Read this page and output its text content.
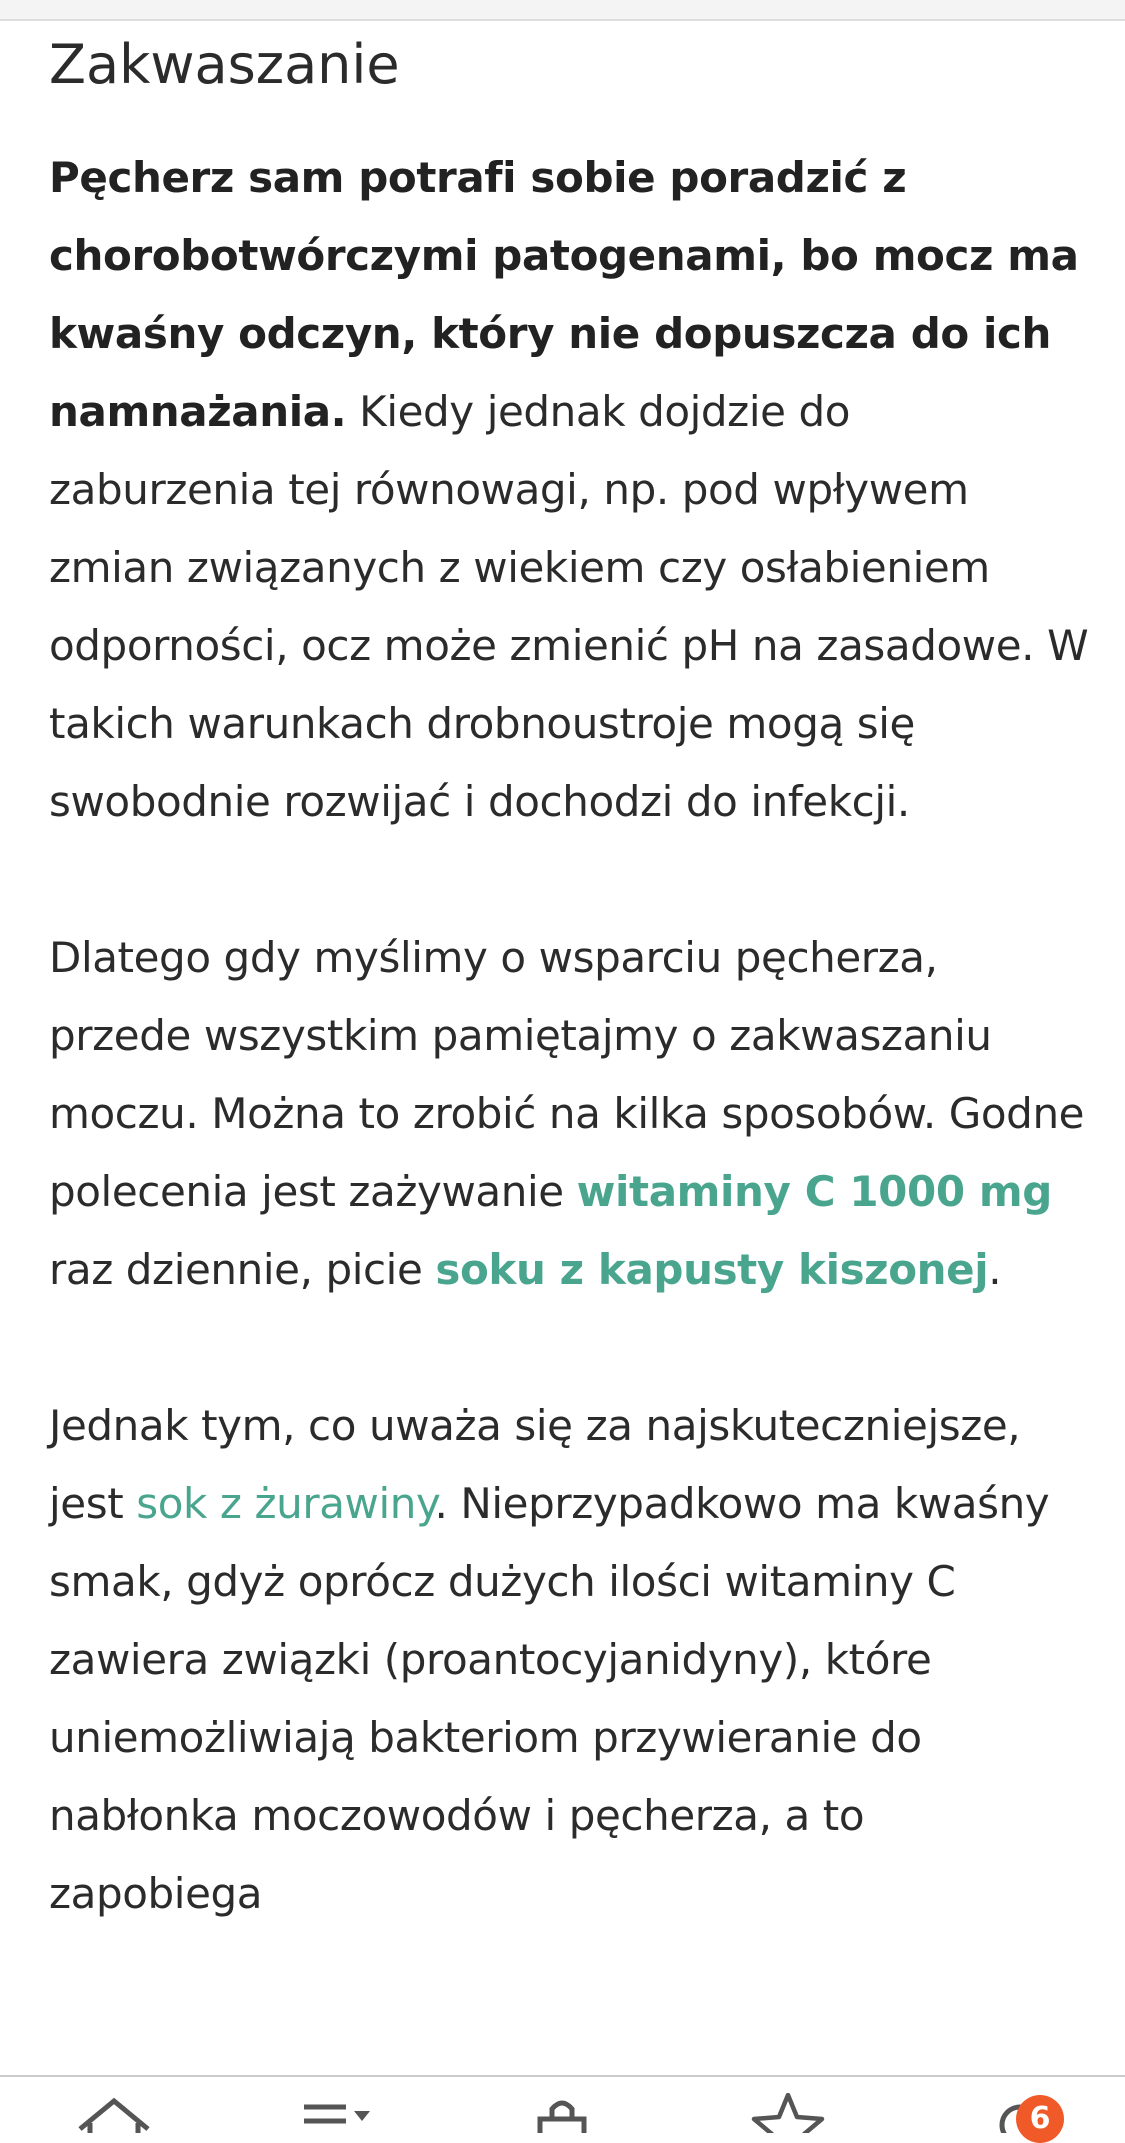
Zakwaszanie

Pęcherz sam potrafi sobie poradzić z chorobotwórczymi patogenami, bo mocz ma kwaśny odczyn, który nie dopuszcza do ich namnażania. Kiedy jednak dojdzie do zaburzenia tej równowagi, np. pod wpływem zmian związanych z wiekiem czy osłabieniem odporności, ocz może zmienić pH na zasadowe. W takich warunkach drobnoustroje mogą się swobodnie rozwijać i dochodzi do infekcji.

Dlatego gdy myślimy o wsparciu pęcherza, przede wszystkim pamiętajmy o zakwaszaniu moczu. Można to zrobić na kilka sposobów. Godne polecenia jest zażywanie witaminy C 1000 mg raz dziennie, picie soku z kapusty kiszonej.

Jednak tym, co uważa się za najskuteczniejsze, jest sok z żurawiny. Nieprzypadkowo ma kwaśny smak, gdyż oprócz dużych ilości witaminy C zawiera związki (proantocyjanidyny), które uniemożliwiają bakteriom przywieranie do nabłonka moczowodów i pęcherza, a to zapobiega

6
